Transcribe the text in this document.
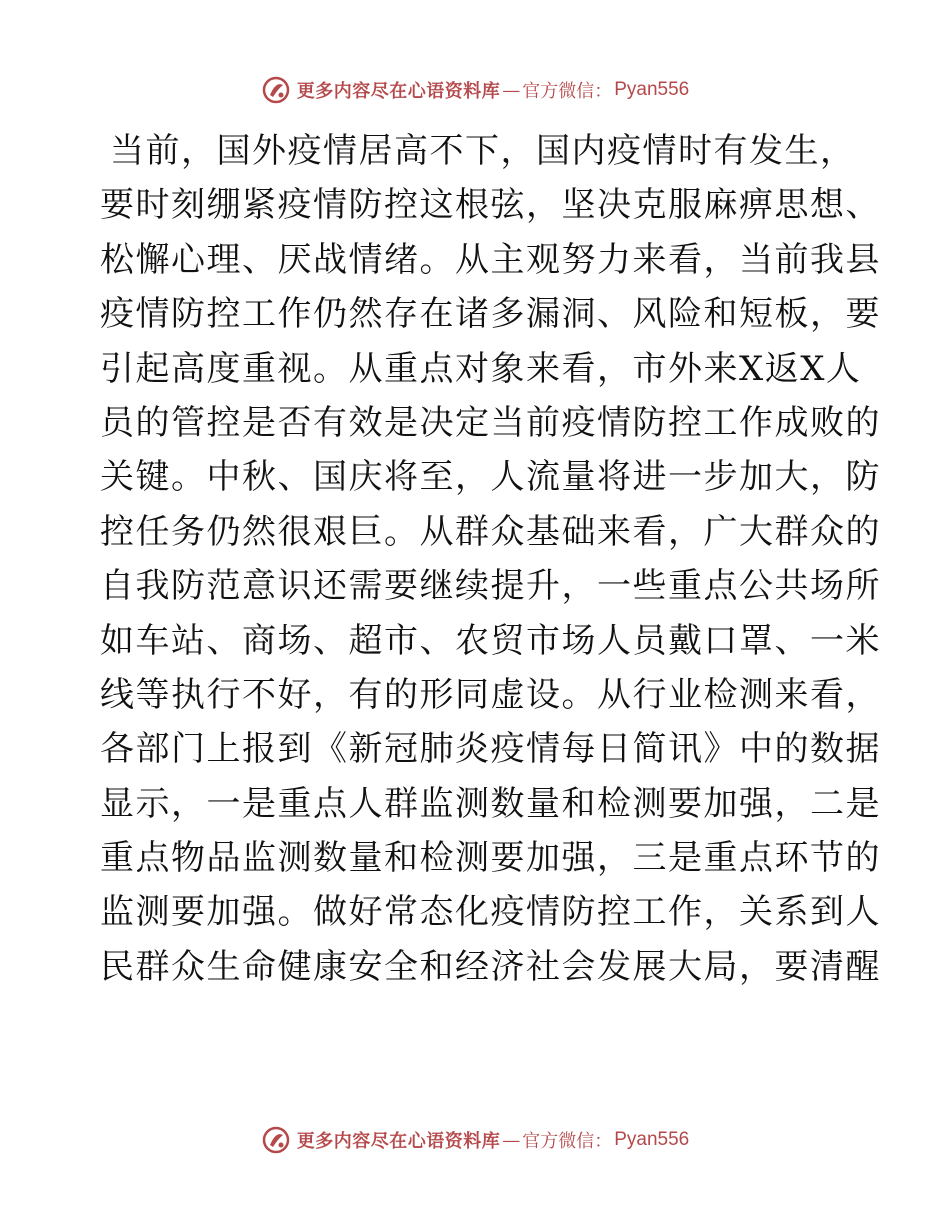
更多内容尽在心语资料库 — 官方微信： Pyan556
当前，国外疫情居高不下，国内疫情时有发生，
要时刻绷紧疫情防控这根弦，坚决克服麻痹思想、
松懈心理、厌战情绪。从主观努力来看，当前我县
疫情防控工作仍然存在诸多漏洞、风险和短板，要
引起高度重视。从重点对象来看，市外来X返X人
员的管控是否有效是决定当前疫情防控工作成败的
关键。中秋、国庆将至，人流量将进一步加大，防
控任务仍然很艰巨。从群众基础来看，广大群众的
自我防范意识还需要继续提升，一些重点公共场所
如车站、商场、超市、农贸市场人员戴口罩、一米
线等执行不好，有的形同虚设。从行业检测来看，
各部门上报到《新冠肺炎疫情每日简讯》中的数据
显示，一是重点人群监测数量和检测要加强，二是
重点物品监测数量和检测要加强，三是重点环节的
监测要加强。做好常态化疫情防控工作，关系到人
民群众生命健康安全和经济社会发展大局，要清醒
更多内容尽在心语资料库 — 官方微信： Pyan556
